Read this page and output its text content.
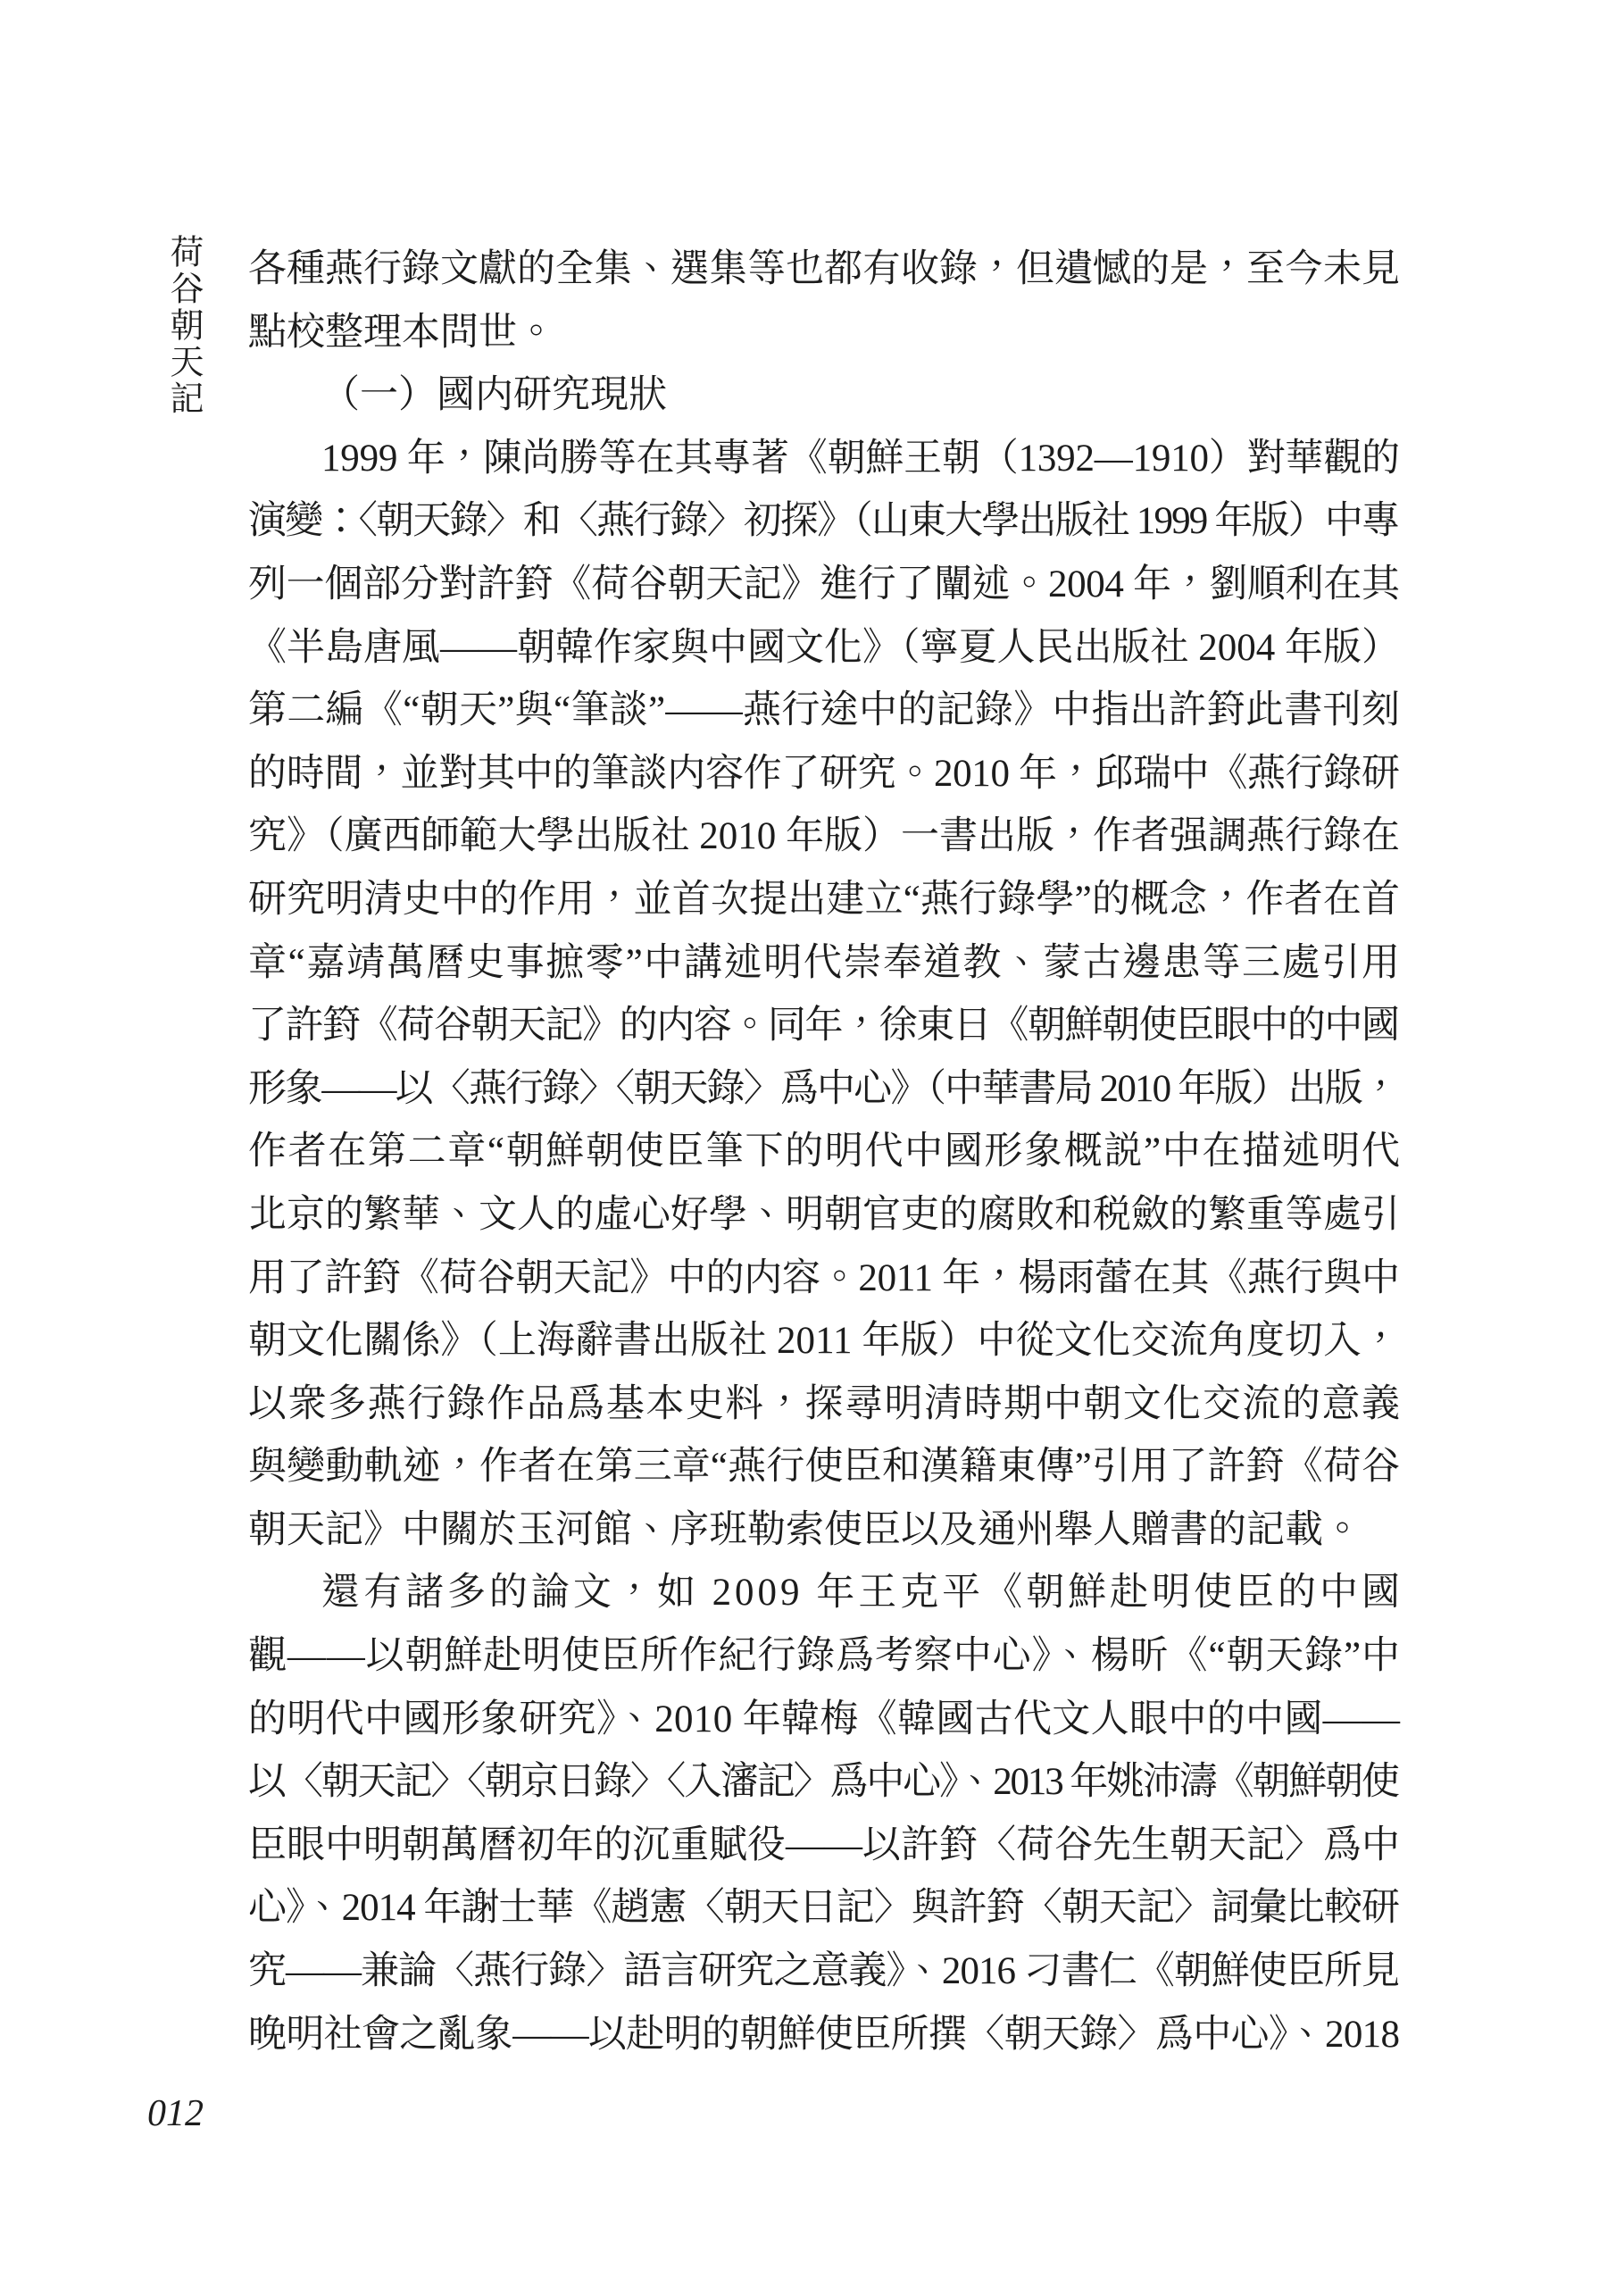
荷谷朝天記 各種燕行錄文獻的全集、選集等也都有收錄，但遺憾的是，至今未見
點校整理本問世。
（一）國内研究現狀
1999 年，陳尚勝等在其專著《朝鮮王朝（1392—1910）對華觀的
演變：〈朝天錄〉和〈燕行錄〉初探》（山東大學出版社 1999 年版）中專
列一個部分對許篈《荷谷朝天記》進行了闡述。2004 年，劉順利在其
《半島唐風——朝韓作家與中國文化》（寧夏人民出版社 2004 年版）
第二編《“朝天”與“筆談”——燕行途中的記錄》中指出許篈此書刊刻
的時間，並對其中的筆談内容作了研究。2010 年，邱瑞中《燕行錄研
究》（廣西師範大學出版社 2010 年版）一書出版，作者强調燕行錄在
研究明清史中的作用，並首次提出建立“燕行錄學”的概念，作者在首
章“嘉靖萬曆史事摭零”中講述明代崇奉道教、蒙古邊患等三處引用
了許篈《荷谷朝天記》的内容。同年，徐東日《朝鮮朝使臣眼中的中國
形象——以〈燕行錄〉〈朝天錄〉爲中心》（中華書局 2010 年版）出版，
作者在第二章“朝鮮朝使臣筆下的明代中國形象概説”中在描述明代
北京的繁華、文人的虛心好學、明朝官吏的腐敗和税斂的繁重等處引
用了許篈《荷谷朝天記》中的内容。2011 年，楊雨蕾在其《燕行與中
朝文化關係》（上海辭書出版社 2011 年版）中從文化交流角度切入，
以衆多燕行錄作品爲基本史料，探尋明清時期中朝文化交流的意義
與變動軌迹，作者在第三章“燕行使臣和漢籍東傳”引用了許篈《荷谷
朝天記》中關於玉河館、序班勒索使臣以及通州舉人贈書的記載。
還有諸多的論文，如 2009 年王克平《朝鮮赴明使臣的中國
觀——以朝鮮赴明使臣所作紀行錄爲考察中心》、楊昕《“朝天錄”中
的明代中國形象研究》、2010 年韓梅《韓國古代文人眼中的中國——
以〈朝天記〉〈朝京日錄〉〈入瀋記〉爲中心》、2013 年姚沛濤《朝鮮朝使
臣眼中明朝萬曆初年的沉重賦役——以許篈〈荷谷先生朝天記〉爲中
心》、2014 年謝士華《趙憲〈朝天日記〉與許篈〈朝天記〉詞彙比較研
究——兼論〈燕行錄〉語言研究之意義》、2016 刁書仁《朝鮮使臣所見
晚明社會之亂象——以赴明的朝鮮使臣所撰〈朝天錄〉爲中心》、2018
012
